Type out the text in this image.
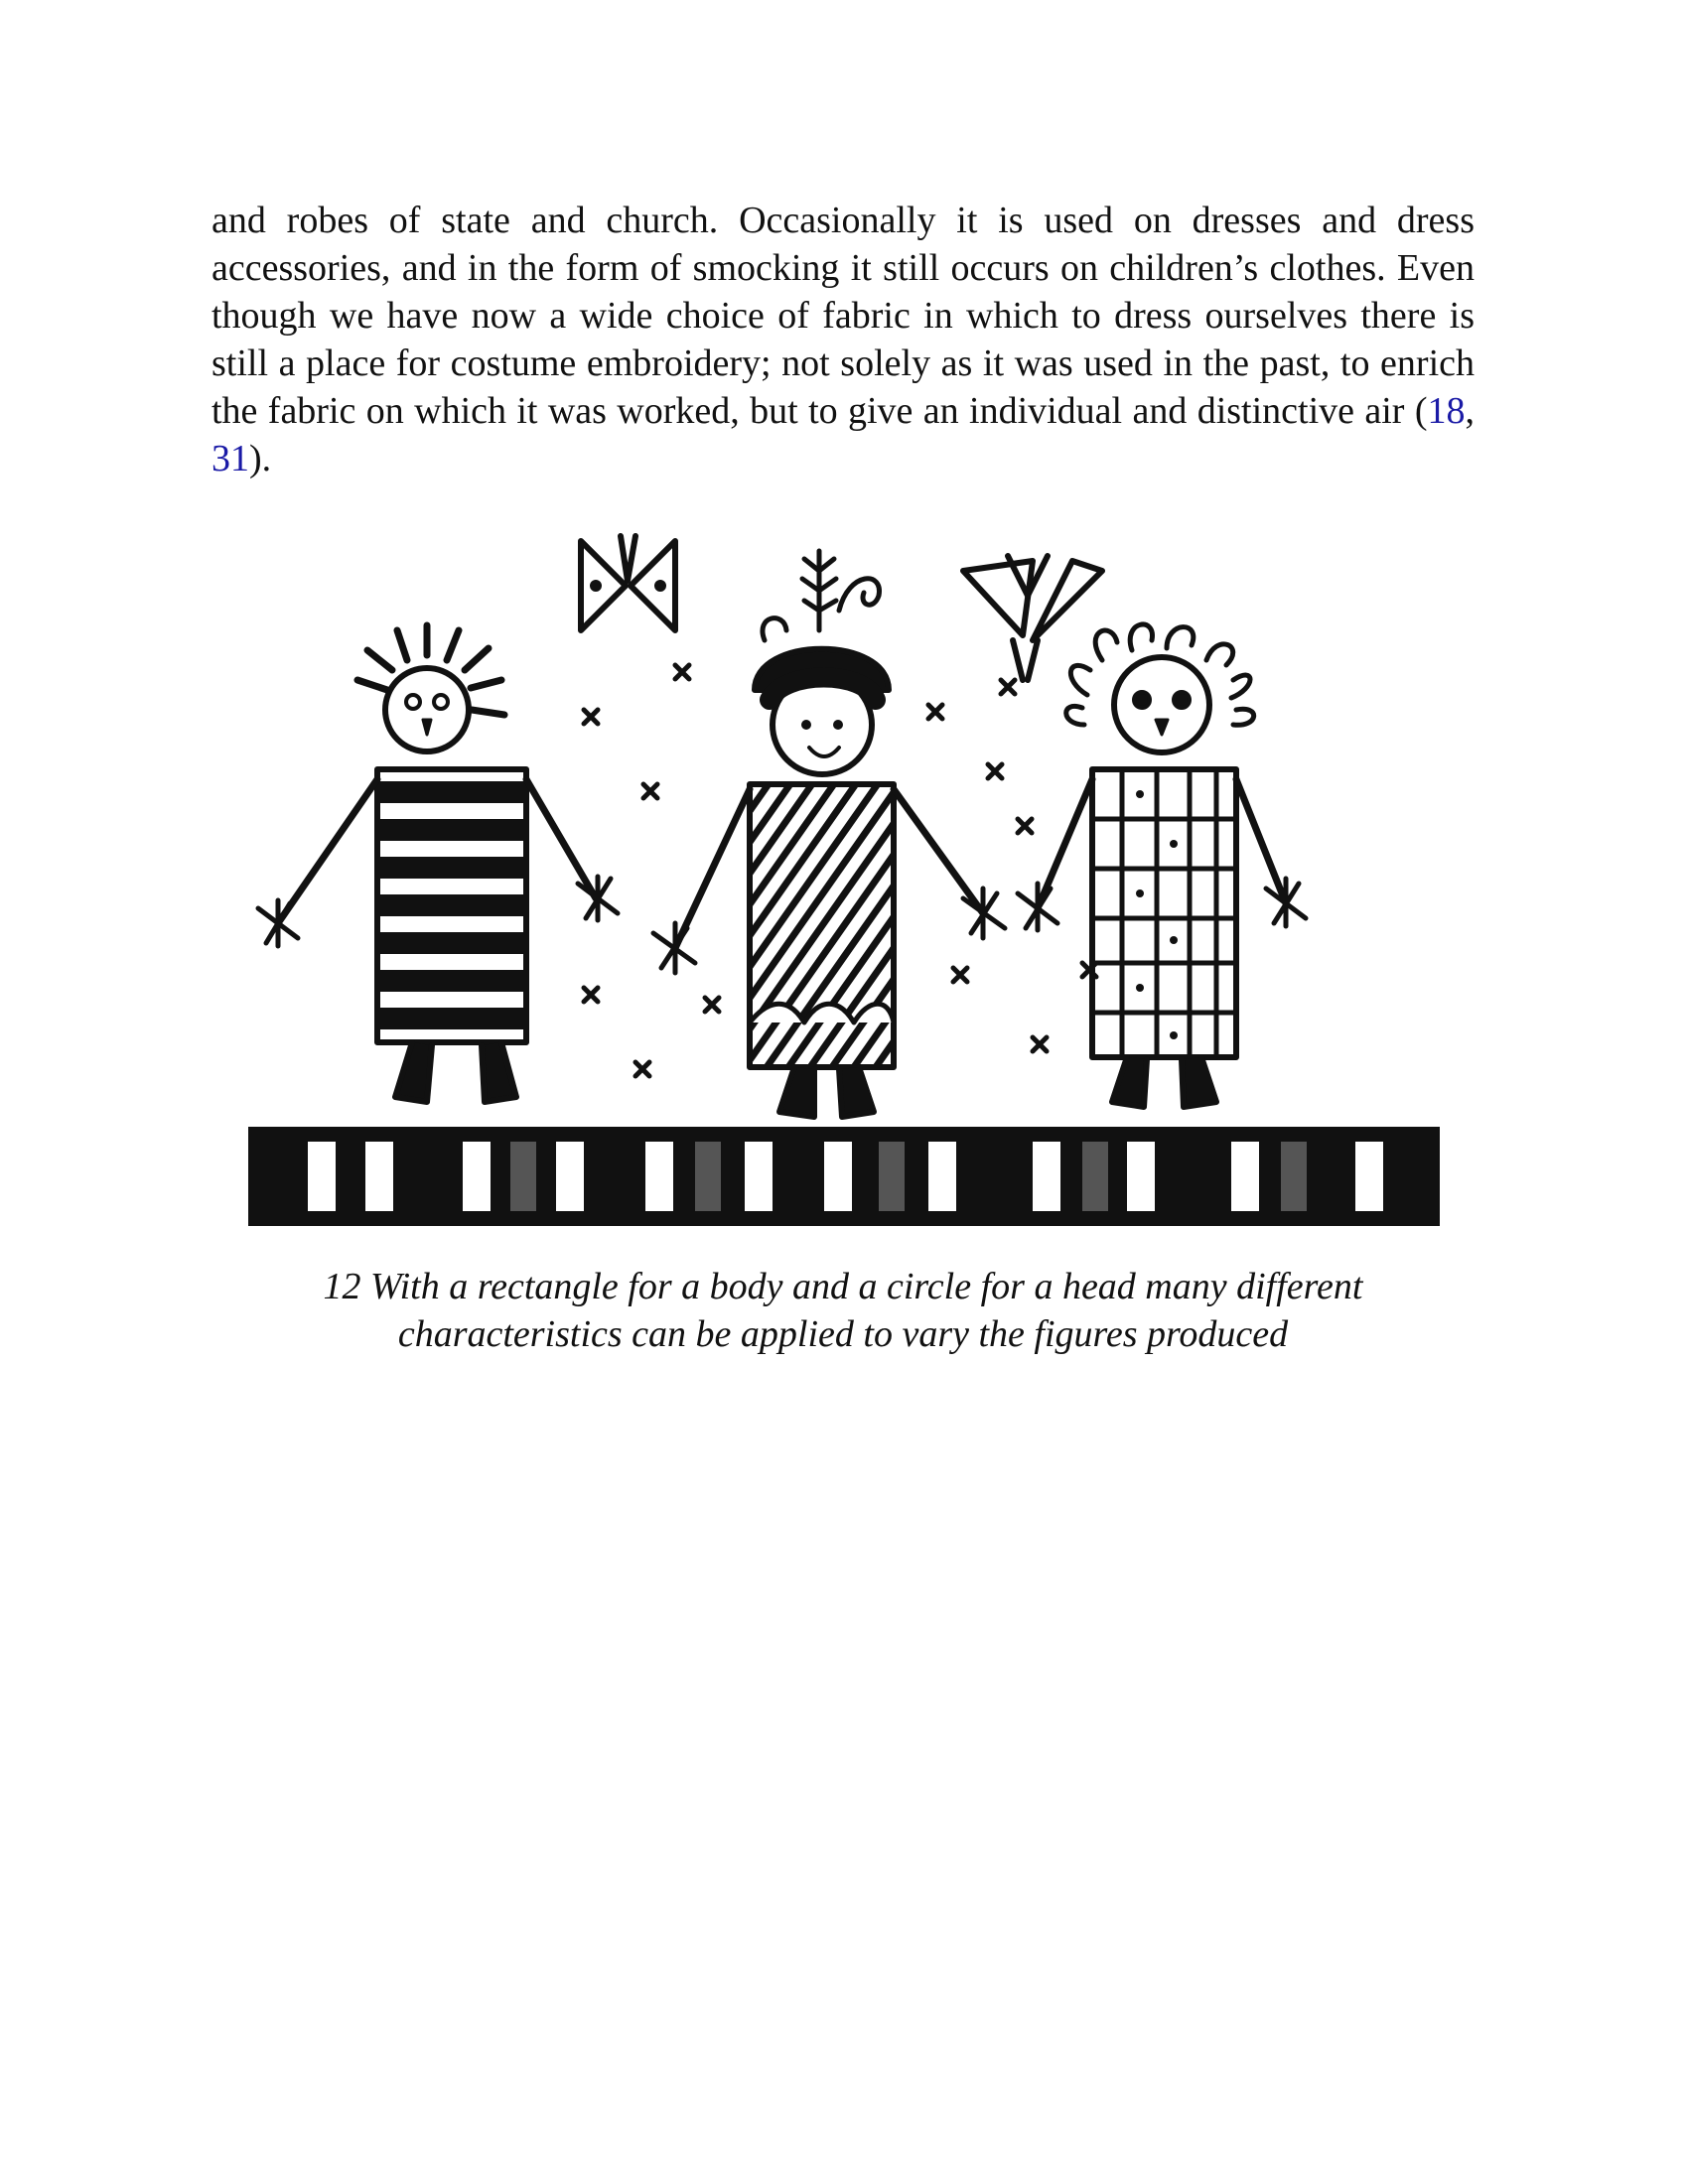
and robes of state and church. Occasionally it is used on dresses and dress accessories, and in the form of smocking it still occurs on children’s clothes. Even though we have now a wide choice of fabric in which to dress ourselves there is still a place for costume embroidery; not solely as it was used in the past, to enrich the fabric on which it was worked, but to give an individual and distinctive air (18, 31).

12 With a rectangle for a body and a circle for a head many different
characteristics can be applied to vary the figures produced
